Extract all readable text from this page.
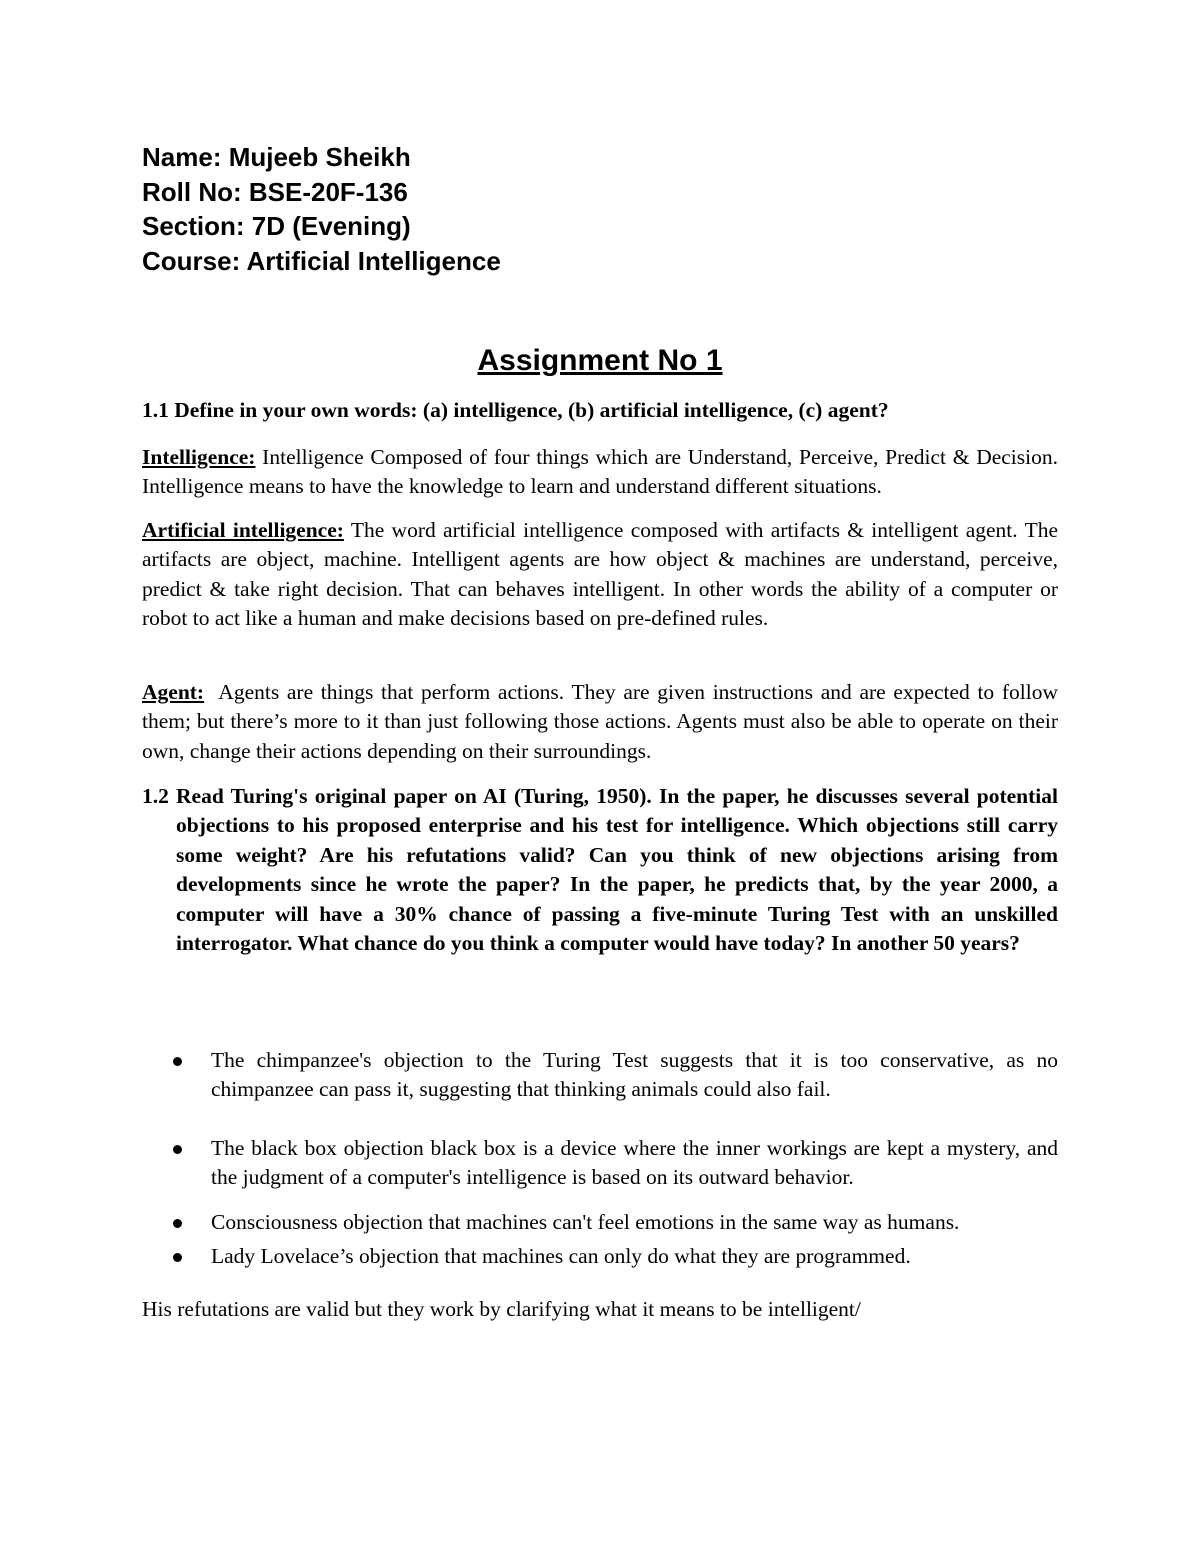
Name: Mujeeb Sheikh
Roll No: BSE-20F-136
Section: 7D (Evening)
Course: Artificial Intelligence
Assignment No 1
1.1 Define in your own words: (a) intelligence, (b) artificial intelligence, (c) agent?
Intelligence: Intelligence Composed of four things which are Understand, Perceive, Predict & Decision. Intelligence means to have the knowledge to learn and understand different situations.
Artificial intelligence: The word artificial intelligence composed with artifacts & intelligent agent. The artifacts are object, machine. Intelligent agents are how object & machines are understand, perceive, predict & take right decision. That can behaves intelligent. In other words the ability of a computer or robot to act like a human and make decisions based on pre-defined rules.
Agent:  Agents are things that perform actions. They are given instructions and are expected to follow them; but there’s more to it than just following those actions. Agents must also be able to operate on their own, change their actions depending on their surroundings.
1.2 Read Turing's original paper on AI (Turing, 1950). In the paper, he discusses several potential objections to his proposed enterprise and his test for intelligence. Which objections still carry some weight? Are his refutations valid? Can you think of new objections arising from developments since he wrote the paper? In the paper, he predicts that, by the year 2000, a computer will have a 30% chance of passing a five-minute Turing Test with an unskilled interrogator. What chance do you think a computer would have today? In another 50 years?
The chimpanzee's objection to the Turing Test suggests that it is too conservative, as no chimpanzee can pass it, suggesting that thinking animals could also fail.
The black box objection black box is a device where the inner workings are kept a mystery, and the judgment of a computer's intelligence is based on its outward behavior.
Consciousness objection that machines can't feel emotions in the same way as humans.
Lady Lovelace’s objection that machines can only do what they are programmed.
His refutations are valid but they work by clarifying what it means to be intelligent/
